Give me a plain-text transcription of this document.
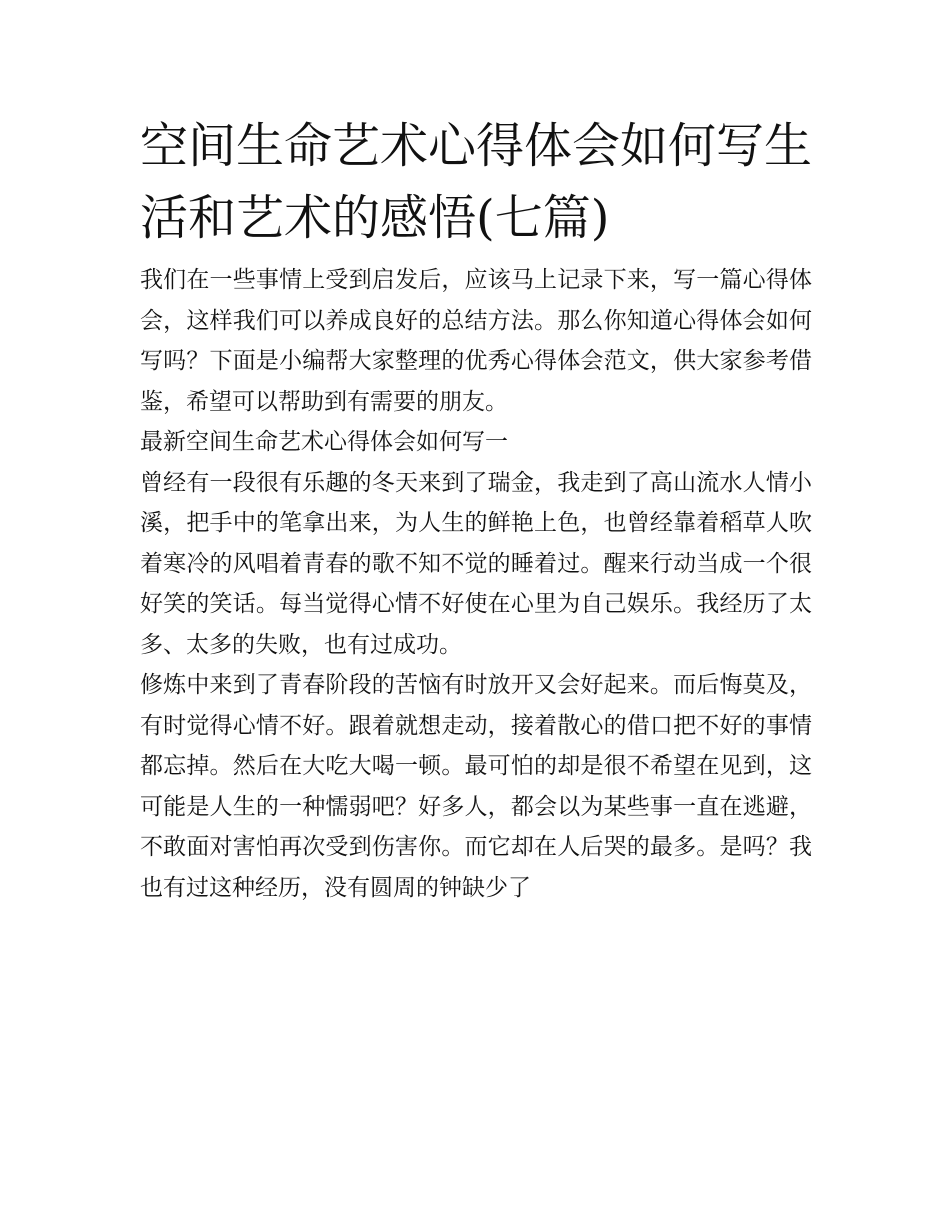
空间生命艺术心得体会如何写生活和艺术的感悟(七篇)

我们在一些事情上受到启发后，应该马上记录下来，写一篇心得体会，这样我们可以养成良好的总结方法。那么你知道心得体会如何写吗？下面是小编帮大家整理的优秀心得体会范文，供大家参考借鉴，希望可以帮助到有需要的朋友。

最新空间生命艺术心得体会如何写一

曾经有一段很有乐趣的冬天来到了瑞金，我走到了高山流水人情小溪，把手中的笔拿出来，为人生的鲜艳上色，也曾经靠着稻草人吹着寒冷的风唱着青春的歌不知不觉的睡着过。醒来行动当成一个很好笑的笑话。每当觉得心情不好使在心里为自己娱乐。我经历了太多、太多的失败，也有过成功。

修炼中来到了青春阶段的苦恼有时放开又会好起来。而后悔莫及，有时觉得心情不好。跟着就想走动，接着散心的借口把不好的事情都忘掉。然后在大吃大喝一顿。最可怕的却是很不希望在见到，这可能是人生的一种懦弱吧？好多人，都会以为某些事一直在逃避，不敢面对害怕再次受到伤害你。而它却在人后哭的最多。是吗？我也有过这种经历，没有圆周的钟缺少了
